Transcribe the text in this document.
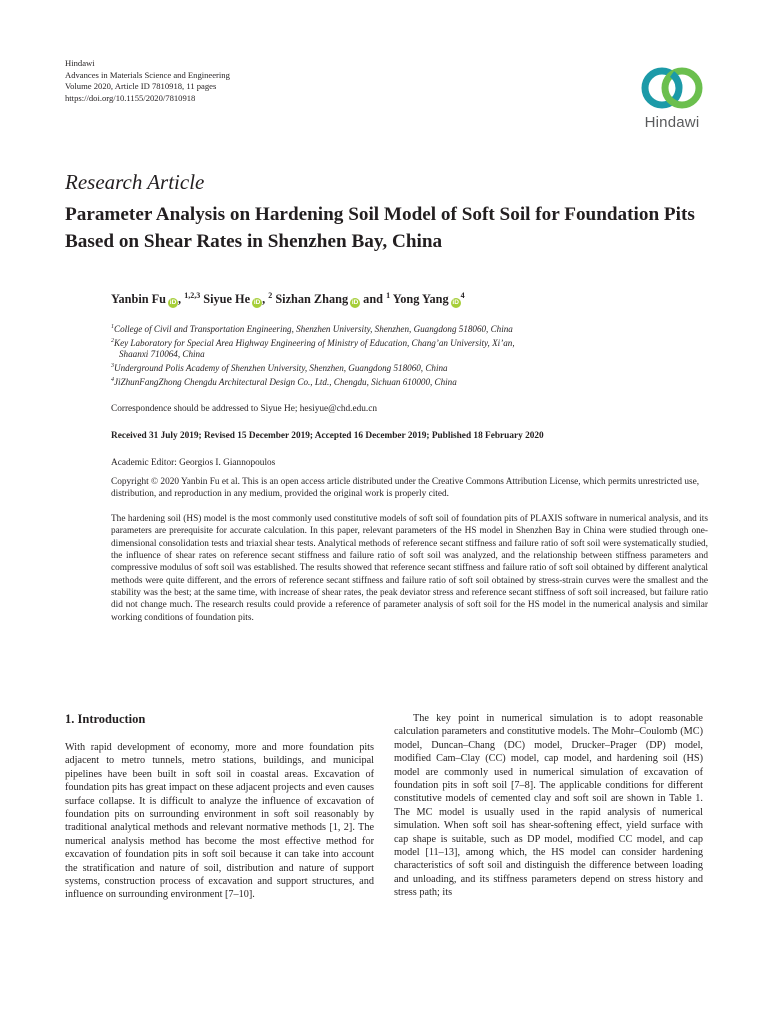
Hindawi
Advances in Materials Science and Engineering
Volume 2020, Article ID 7810918, 11 pages
https://doi.org/10.1155/2020/7810918
Hindawi
Research Article
Parameter Analysis on Hardening Soil Model of Soft Soil for Foundation Pits Based on Shear Rates in Shenzhen Bay, China
Yanbin Fu iD , $^{1,2,3}$ Siyue He iD , $^2$ Sizhan Zhang iD and $^1$ Yong Yang $iD^4$
$^1$College of Civil and Transportation Engineering, Shenzhen University, Shenzhen, Guangdong 518060, China
$^2$Key Laboratory for Special Area Highway Engineering of Ministry of Education, Chang’an University, Xi’an,
Shaanxi 710064, China
$^3$Underground Polis Academy of Shenzhen University, Shenzhen, Guangdong 518060, China
$^4$JiZhunFangZhong Chengdu Architectural Design Co., Ltd., Chengdu, Sichuan 610000, China
Correspondence should be addressed to Siyue He; hesiyue@chd.edu.cn
Received 31 July 2019; Revised 15 December 2019; Accepted 16 December 2019; Published 18 February 2020
Academic Editor: Georgios I. Giannopoulos
Copyright © 2020 Yanbin Fu et al. This is an open access article distributed under the Creative Commons Attribution License, which permits unrestricted use, distribution, and reproduction in any medium, provided the original work is properly cited.
The hardening soil (HS) model is the most commonly used constitutive models of soft soil of foundation pits of PLAXIS software in numerical analysis, and its parameters are prerequisite for accurate calculation. In this paper, relevant parameters of the HS model in Shenzhen Bay in China were studied through one-dimensional consolidation tests and triaxial shear tests. Analytical methods of reference secant stiffness and failure ratio of soft soil were systematically studied, the influence of shear rates on reference secant stiffness and failure ratio of soft soil was analyzed, and the relationship between stiffness parameters and compressive modulus of soft soil was established. The results showed that reference secant stiffness and failure ratio of soft soil obtained by different analytical methods were quite different, and the errors of reference secant stiffness and failure ratio of soft soil obtained by stress-strain curves were the smallest and the stability was the best; at the same time, with increase of shear rates, the peak deviator stress and reference secant stiffness of soft soil increased, but failure ratio did not change much. The research results could provide a reference of parameter analysis of soft soil for the HS model in the numerical analysis and similar working conditions of foundation pits.
1. Introduction
With rapid development of economy, more and more foundation pits adjacent to metro tunnels, metro stations, buildings, and municipal pipelines have been built in soft soil in coastal areas. Excavation of foundation pits has great impact on these adjacent projects and even causes surface collapse. It is difficult to analyze the influence of excavation of foundation pits on surrounding environment in soft soil reasonably by traditional analytical methods and relevant normative methods [1, 2]. The numerical analysis method has become the most effective method for excavation of foundation pits in soft soil because it can take into account the stratification and nature of soil, distribution and nature of support systems, construction process of excavation and support structures, and influence on surrounding environment [7–10].
The key point in numerical simulation is to adopt reasonable calculation parameters and constitutive models. The Mohr–Coulomb (MC) model, Duncan–Chang (DC) model, Drucker–Prager (DP) model, modified Cam–Clay (CC) model, cap model, and hardening soil (HS) model are commonly used in numerical simulation of excavation of foundation pits in soft soil [7–8]. The applicable conditions for different constitutive models of cemented clay and soft soil are shown in Table 1. The MC model is usually used in the rapid analysis of numerical simulation. When soft soil has shear-softening effect, yield surface with cap shape is suitable, such as DP model, modified CC model, and cap model [11–13], among which, the HS model can consider hardening characteristics of soft soil and distinguish the difference between loading and unloading, and its stiffness parameters depend on stress history and stress path; its
